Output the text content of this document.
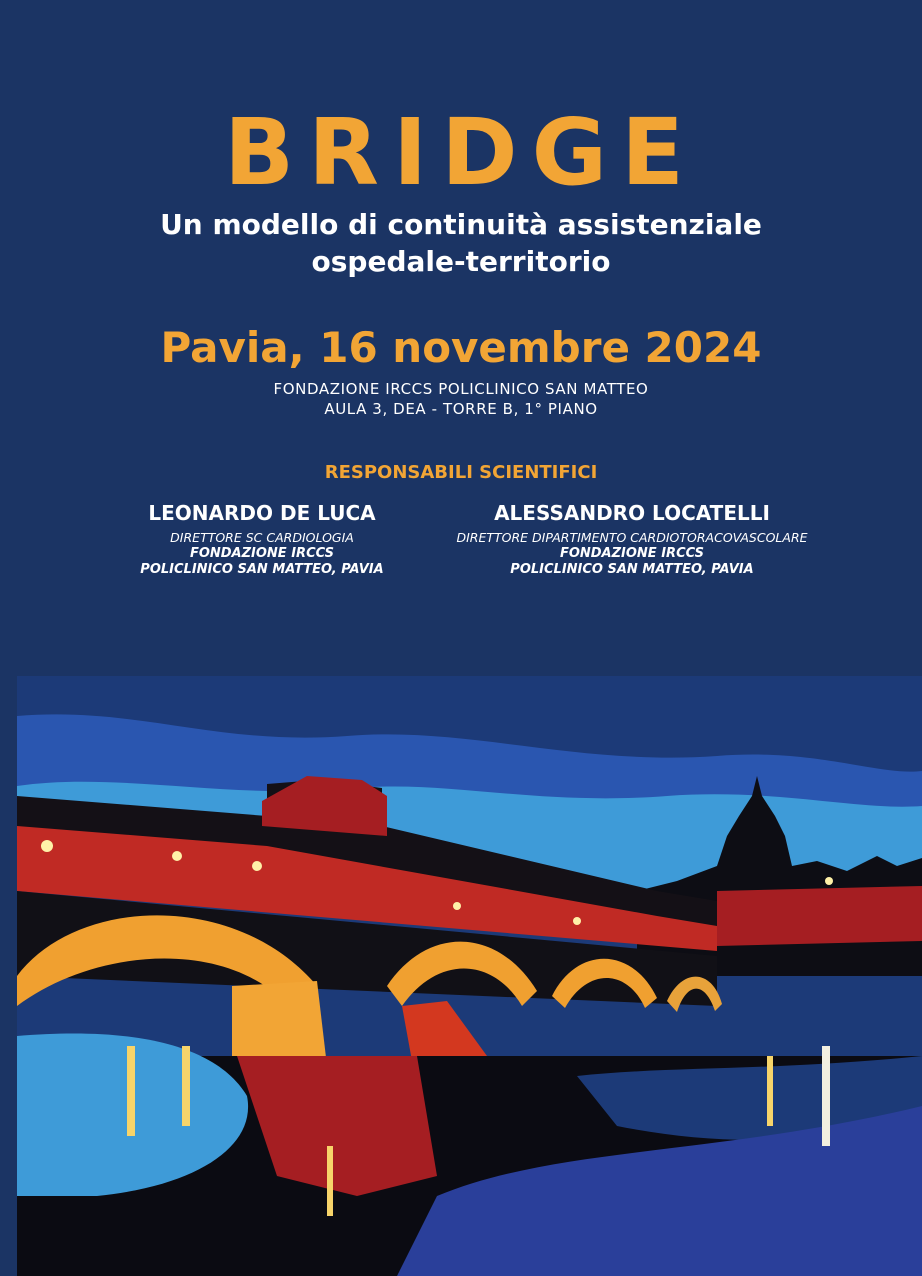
BRIDGE
Un modello di continuità assistenziale
ospedale-territorio
Pavia, 16 novembre 2024
FONDAZIONE IRCCS POLICLINICO SAN MATTEO
AULA 3, DEA - TORRE B, 1° PIANO
RESPONSABILI SCIENTIFICI
LEONARDO DE LUCA
DIRETTORE SC CARDIOLOGIA
FONDAZIONE IRCCS
POLICLINICO SAN MATTEO, PAVIA
ALESSANDRO LOCATELLI
DIRETTORE DIPARTIMENTO CARDIOTORACOVASCOLARE
FONDAZIONE IRCCS
POLICLINICO SAN MATTEO, PAVIA
